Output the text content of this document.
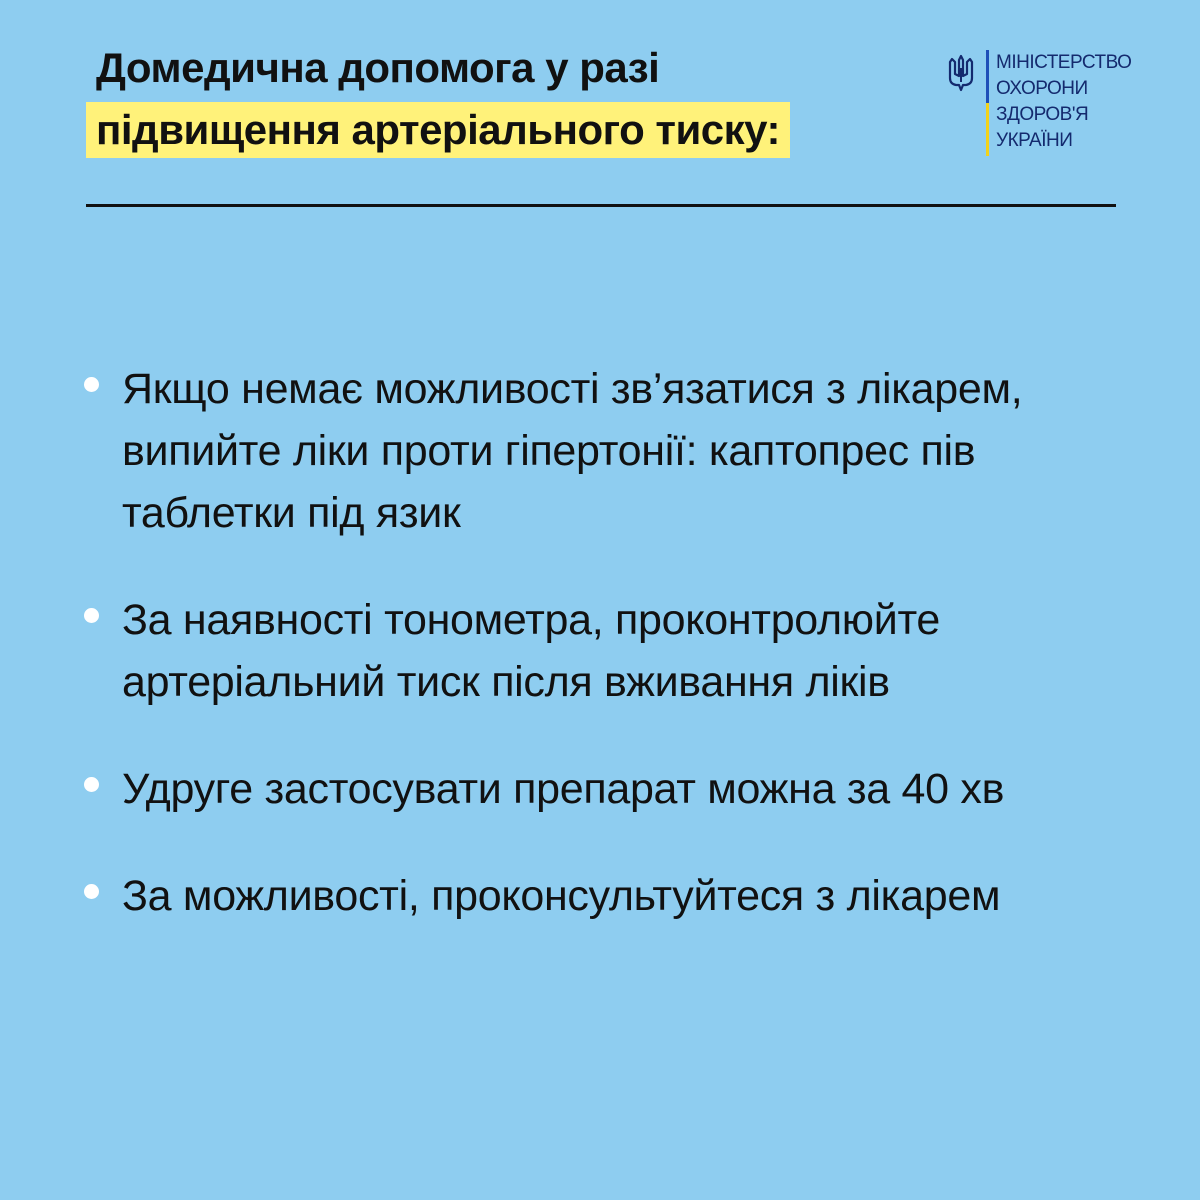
Домедична допомога у разі
підвищення артеріального тиску:
МІНІСТЕРСТВО
ОХОРОНИ
ЗДОРОВ'Я
УКРАЇНИ
Якщо немає можливості зв’язатися з лікарем, випийте ліки проти гіпертонії: каптопрес пів таблетки під язик
За наявності тонометра, проконтролюйте артеріальний тиск після вживання ліків
Удруге застосувати препарат можна за 40 хв
За можливості, проконсультуйтеся з лікарем
